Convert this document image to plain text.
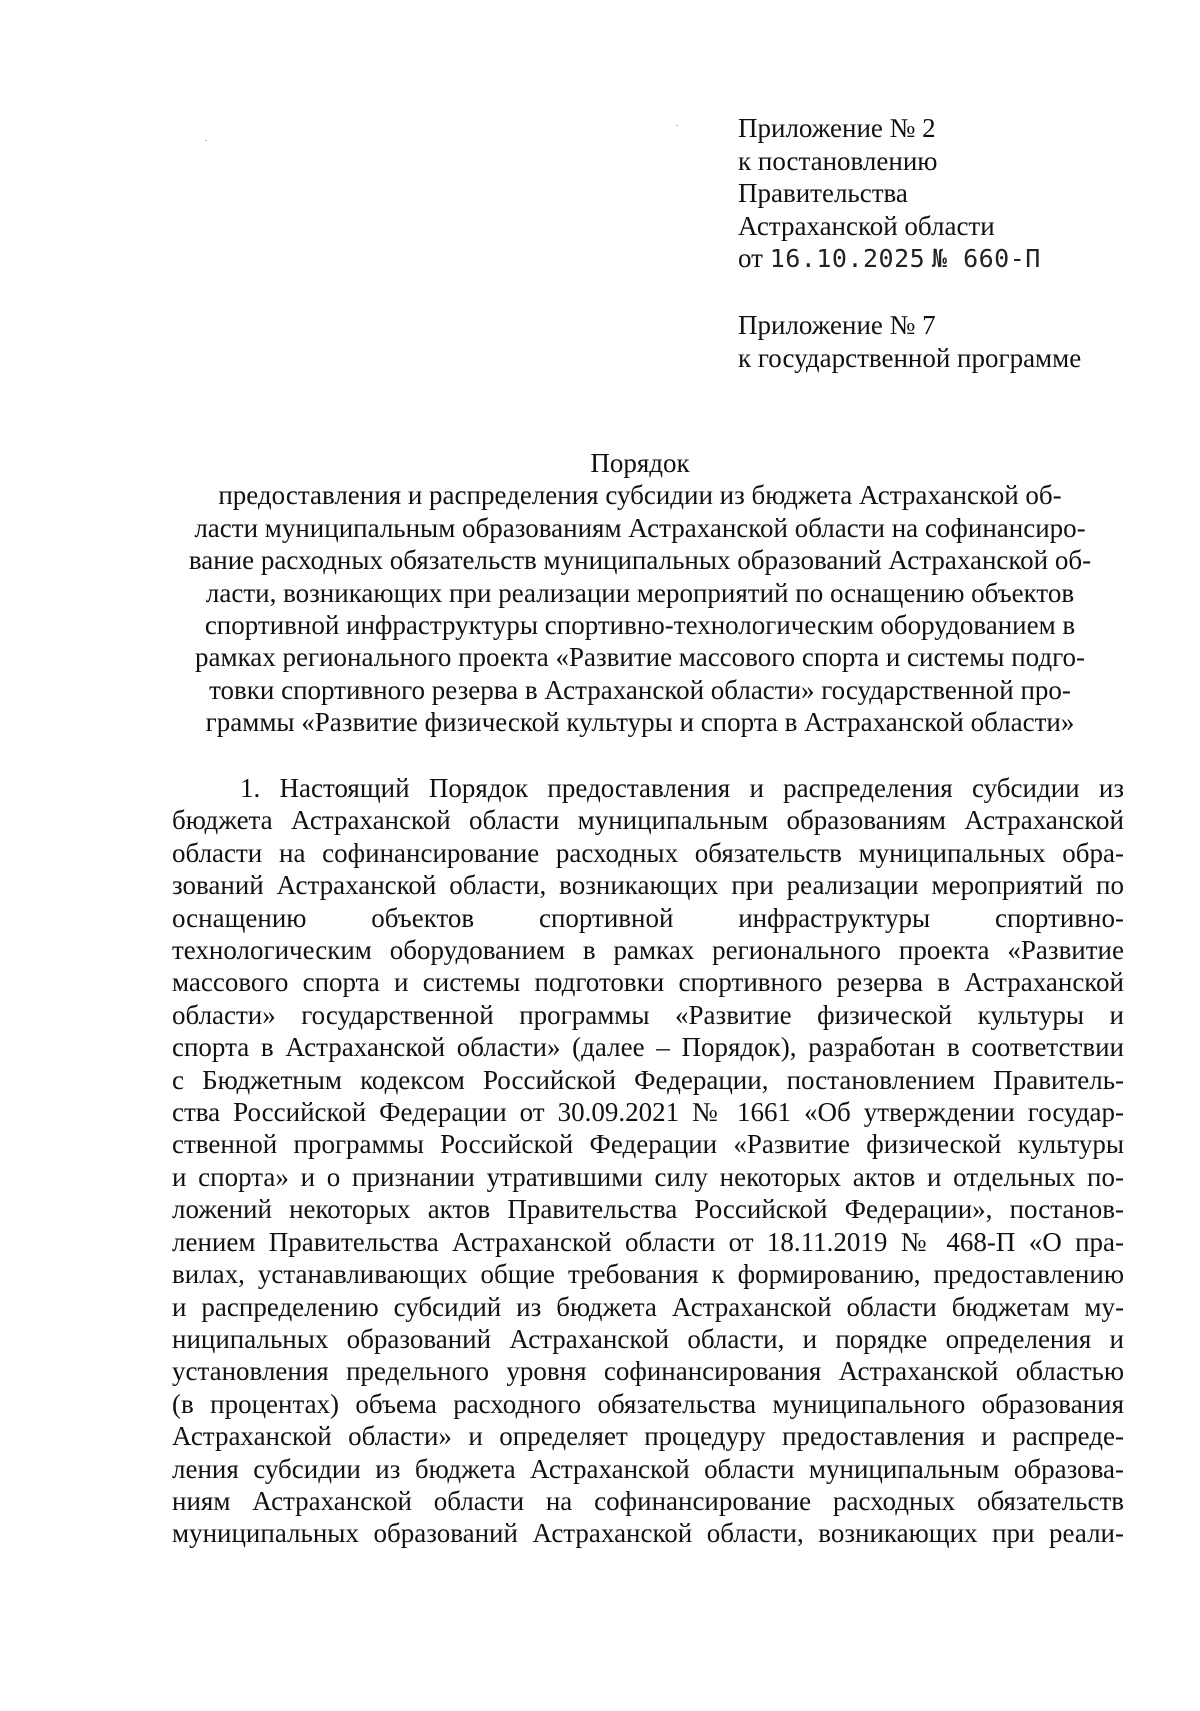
Приложение № 2
к постановлению
Правительства
Астраханской области
от 16.10.2025 № 660-П
Приложение № 7
к государственной программе
Порядок
предоставления и распределения субсидии из бюджета Астраханской об-
ласти муниципальным образованиям Астраханской области на софинансиро-
вание расходных обязательств муниципальных образований Астраханской об-
ласти, возникающих при реализации мероприятий по оснащению объектов
спортивной инфраструктуры спортивно-технологическим оборудованием в
рамках регионального проекта «Развитие массового спорта и системы подго-
товки спортивного резерва в Астраханской области» государственной про-
граммы «Развитие физической культуры и спорта в Астраханской области»
1. Настоящий Порядок предоставления и распределения субсидии из
бюджета Астраханской области муниципальным образованиям Астраханской
области на софинансирование расходных обязательств муниципальных обра-
зований Астраханской области, возникающих при реализации мероприятий по
оснащению объектов спортивной инфраструктуры спортивно-
технологическим оборудованием в рамках регионального проекта «Развитие
массового спорта и системы подготовки спортивного резерва в Астраханской
области» государственной программы «Развитие физической культуры и
спорта в Астраханской области» (далее – Порядок), разработан в соответствии
с Бюджетным кодексом Российской Федерации, постановлением Правитель-
ства Российской Федерации от 30.09.2021 № 1661 «Об утверждении государ-
ственной программы Российской Федерации «Развитие физической культуры
и спорта» и о признании утратившими силу некоторых актов и отдельных по-
ложений некоторых актов Правительства Российской Федерации», постанов-
лением Правительства Астраханской области от 18.11.2019 № 468-П «О пра-
вилах, устанавливающих общие требования к формированию, предоставлению
и распределению субсидий из бюджета Астраханской области бюджетам му-
ниципальных образований Астраханской области, и порядке определения и
установления предельного уровня софинансирования Астраханской областью
(в процентах) объема расходного обязательства муниципального образования
Астраханской области» и определяет процедуру предоставления и распреде-
ления субсидии из бюджета Астраханской области муниципальным образова-
ниям Астраханской области на софинансирование расходных обязательств
муниципальных образований Астраханской области, возникающих при реали-
